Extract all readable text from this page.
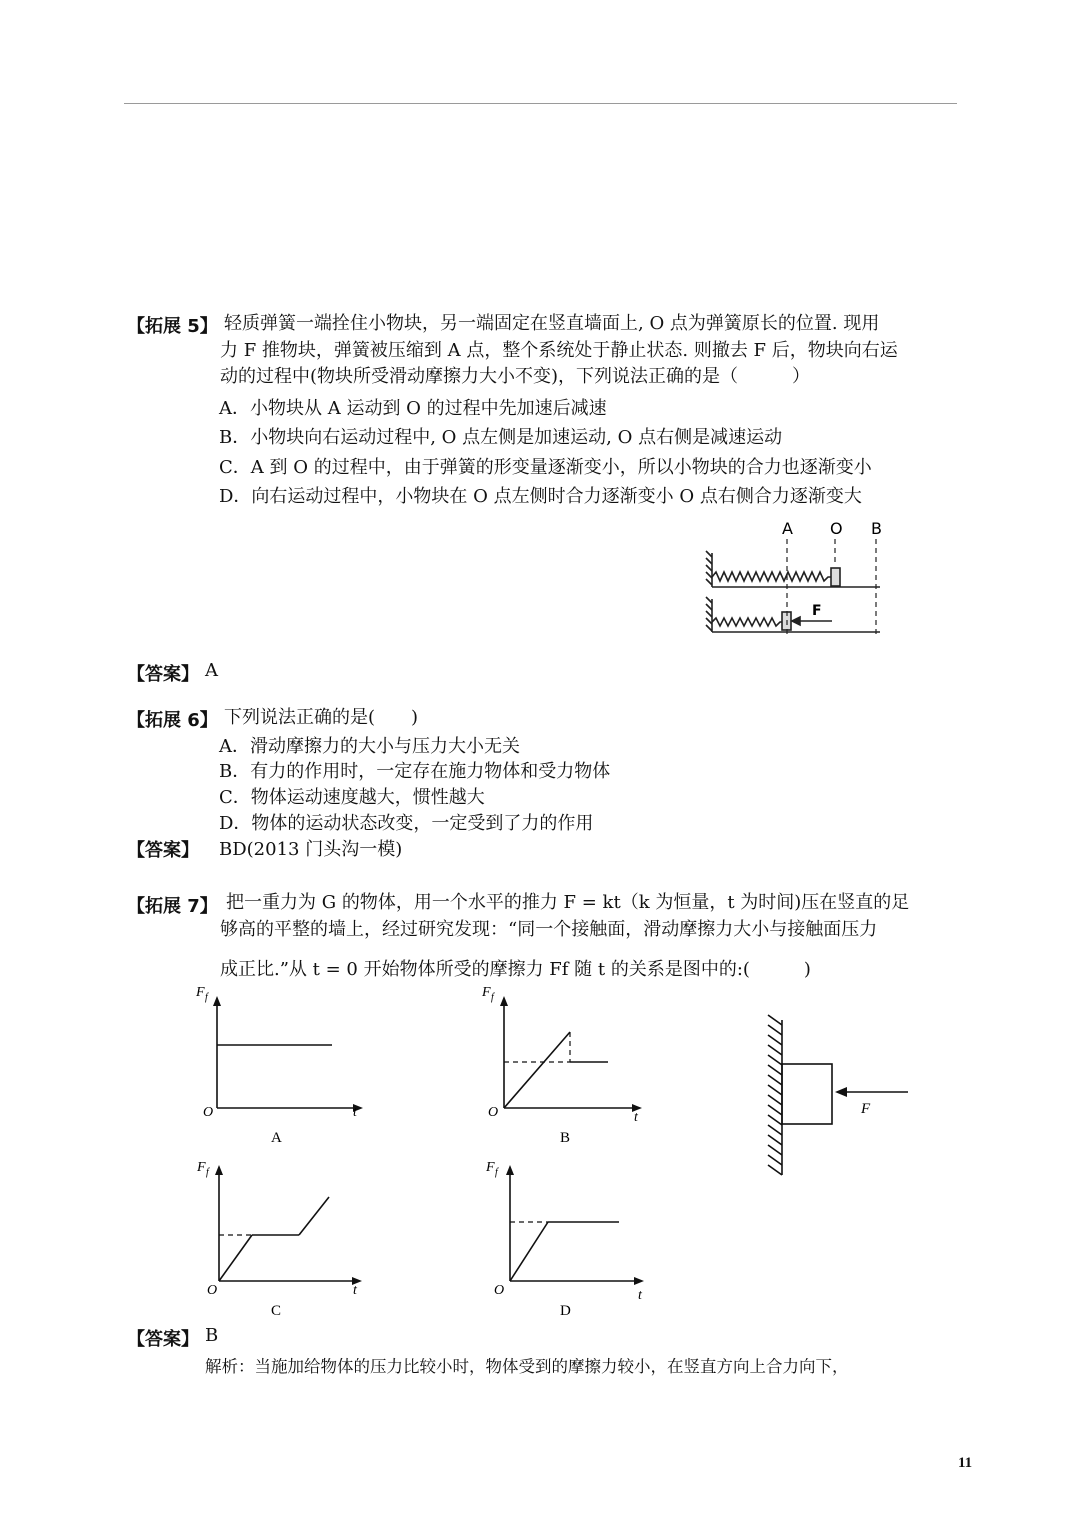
【拓展 5】 轻质弹簧一端拴住小物块，另一端固定在竖直墙面上, O 点为弹簧原长的位置. 现用
力 F 推物块，弹簧被压缩到 A 点，整个系统处于静止状态. 则撤去 F 后，物块向右运
动的过程中(物块所受滑动摩擦力大小不变)，下列说法正确的是（　　　）
A．小物块从 A 运动到 O 的过程中先加速后减速
B．小物块向右运动过程中, O 点左侧是加速运动, O 点右侧是减速运动
C．A 到 O 的过程中，由于弹簧的形变量逐渐变小，所以小物块的合力也逐渐变小
D．向右运动过程中，小物块在 O 点左侧时合力逐渐变小 O 点右侧合力逐渐变大
A O B
F
【答案】 A
【拓展 6】 下列说法正确的是(　　)
A．滑动摩擦力的大小与压力大小无关
B．有力的作用时，一定存在施力物体和受力物体
C．物体运动速度越大，惯性越大
D．物体的运动状态改变，一定受到了力的作用
【答案】 BD(2013 门头沟一模)
【拓展 7】 把一重力为 G 的物体，用一个水平的推力 F = kt（k 为恒量，t 为时间)压在竖直的足
够高的平整的墙上，经过研究发现：“同一个接触面，滑动摩擦力大小与接触面压力
成正比.”从 t = 0 开始物体所受的摩擦力 Ff 随 t 的关系是图中的:(　　　)
F f
O	t
A
F f
O	t
B
F
F f
O	t
C
F f
O	t
D
【答案】 B
解析：当施加给物体的压力比较小时，物体受到的摩擦力较小，在竖直方向上合力向下，
11
